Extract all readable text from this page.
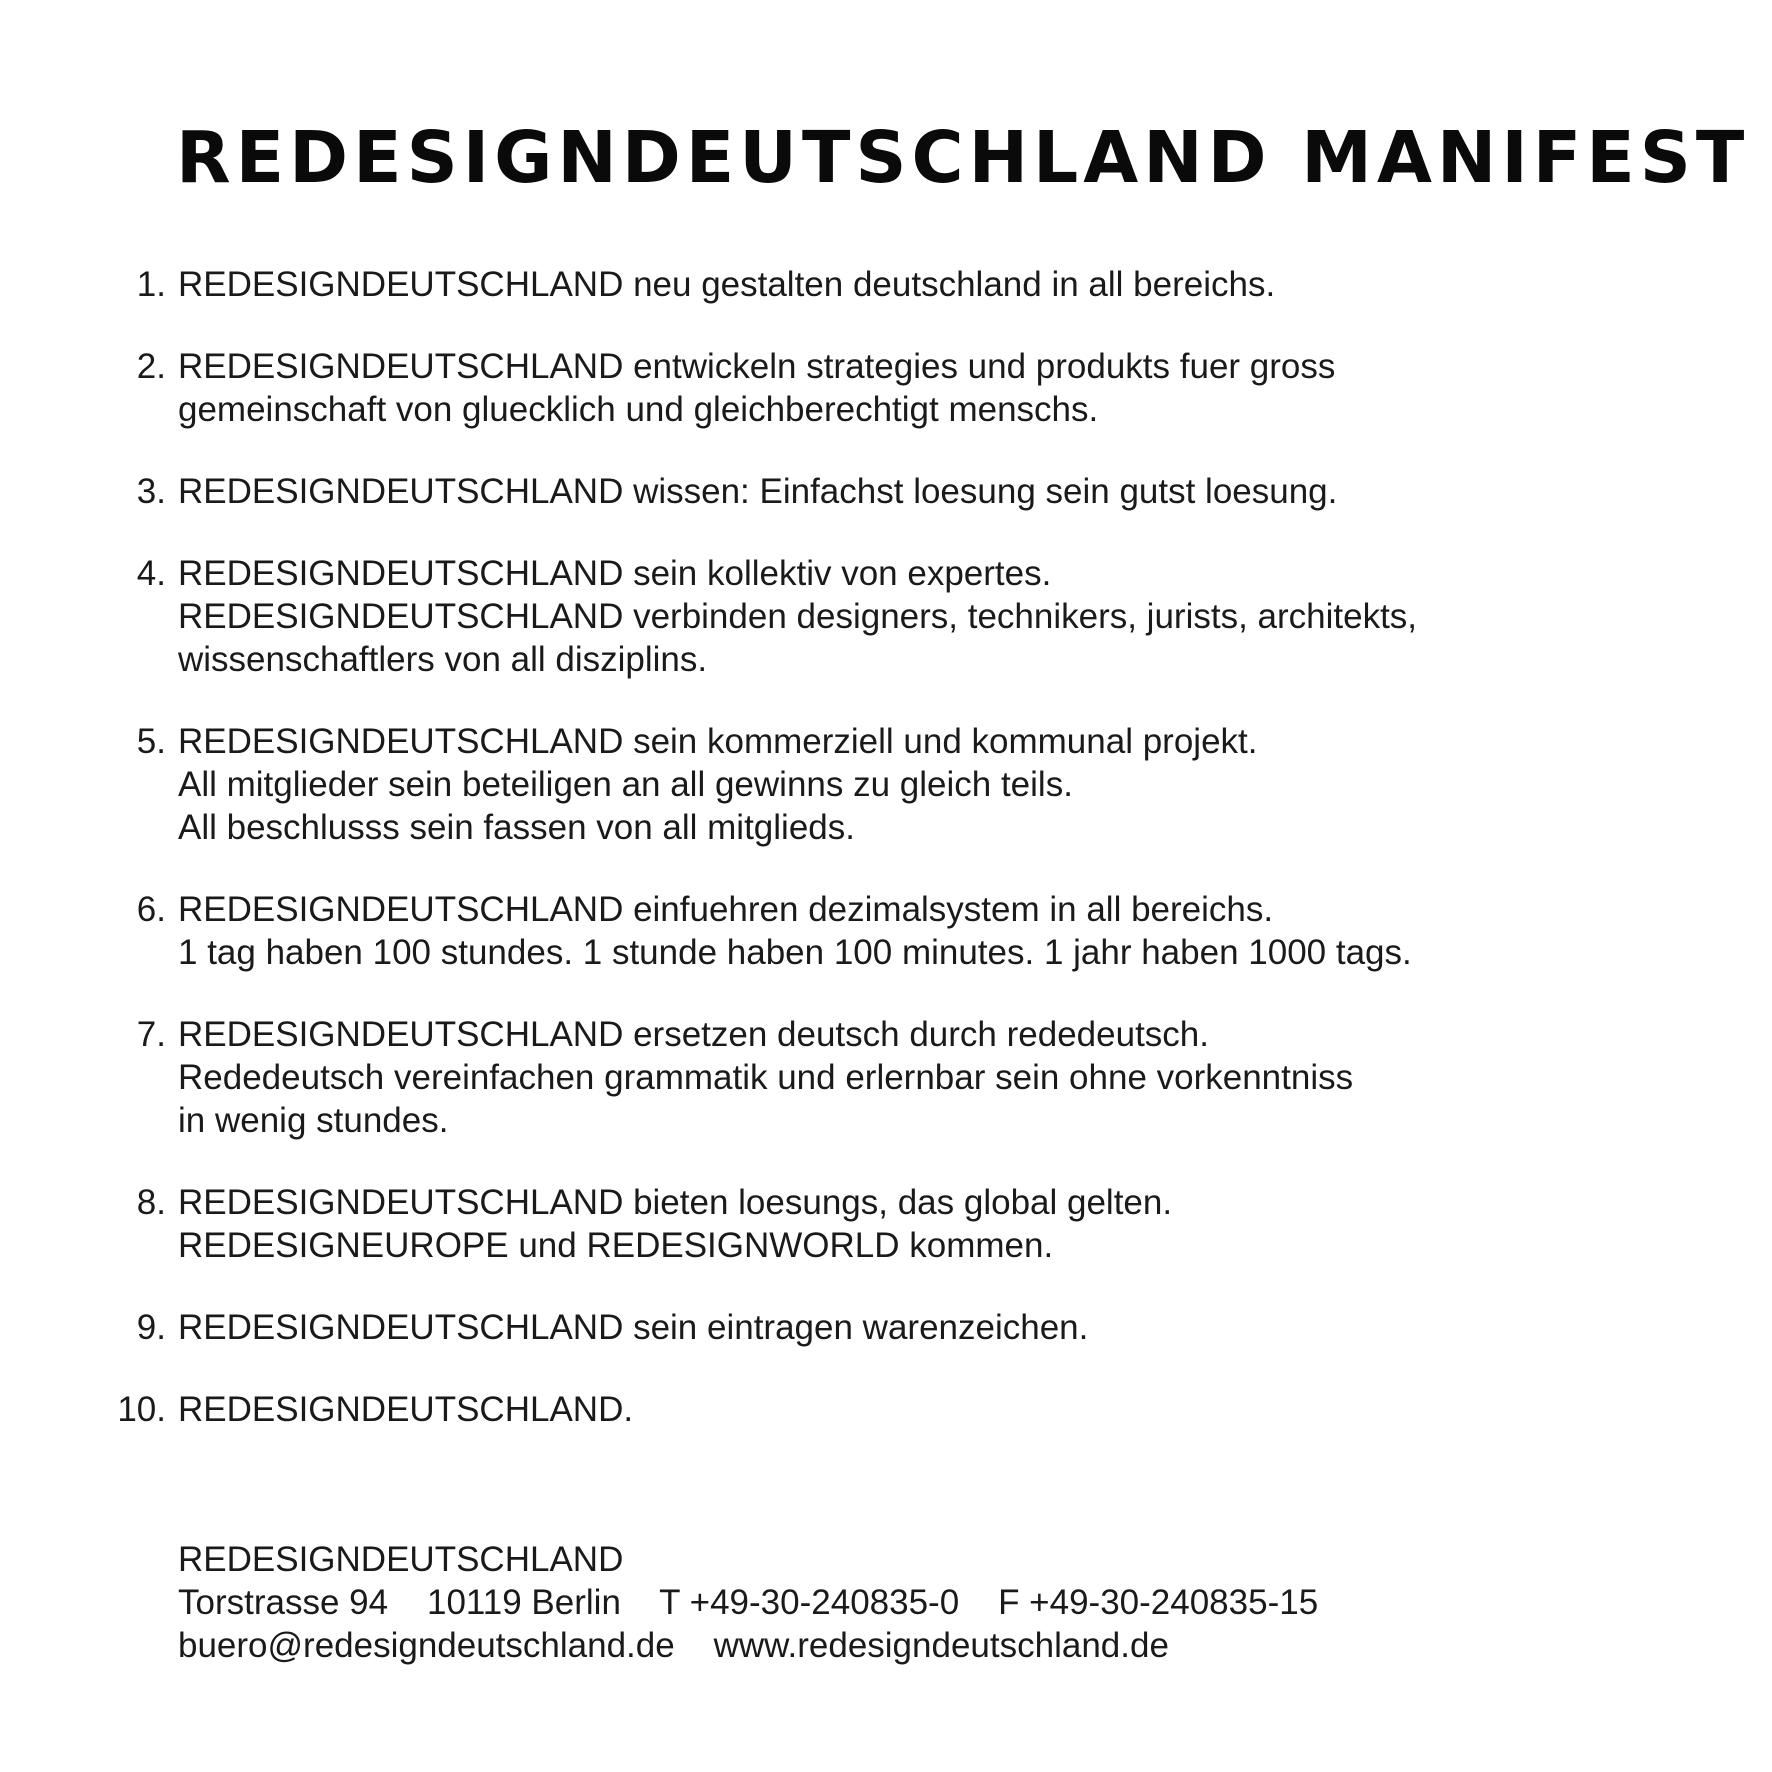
REDESIGNDEUTSCHLAND MANIFEST
1. REDESIGNDEUTSCHLAND neu gestalten deutschland in all bereichs.
2. REDESIGNDEUTSCHLAND entwickeln strategies und produkts fuer gross
gemeinschaft von gluecklich und gleichberechtigt menschs.
3. REDESIGNDEUTSCHLAND wissen: Einfachst loesung sein gutst loesung.
4. REDESIGNDEUTSCHLAND sein kollektiv von expertes.
REDESIGNDEUTSCHLAND verbinden designers, technikers, jurists, architekts,
wissenschaftlers von all disziplins.
5. REDESIGNDEUTSCHLAND sein kommerziell und kommunal projekt.
All mitglieder sein beteiligen an all gewinns zu gleich teils.
All beschlusss sein fassen von all mitglieds.
6. REDESIGNDEUTSCHLAND einfuehren dezimalsystem in all bereichs.
1 tag haben 100 stundes. 1 stunde haben 100 minutes. 1 jahr haben 1000 tags.
7. REDESIGNDEUTSCHLAND ersetzen deutsch durch rededeutsch.
Rededeutsch vereinfachen grammatik und erlernbar sein ohne vorkenntniss
in wenig stundes.
8. REDESIGNDEUTSCHLAND bieten loesungs, das global gelten.
REDESIGNEUROPE und REDESIGNWORLD kommen.
9. REDESIGNDEUTSCHLAND sein eintragen warenzeichen.
10. REDESIGNDEUTSCHLAND.
REDESIGNDEUTSCHLAND
Torstrasse 94    10119 Berlin    T +49-30-240835-0    F +49-30-240835-15
buero@redesigndeutschland.de    www.redesigndeutschland.de
